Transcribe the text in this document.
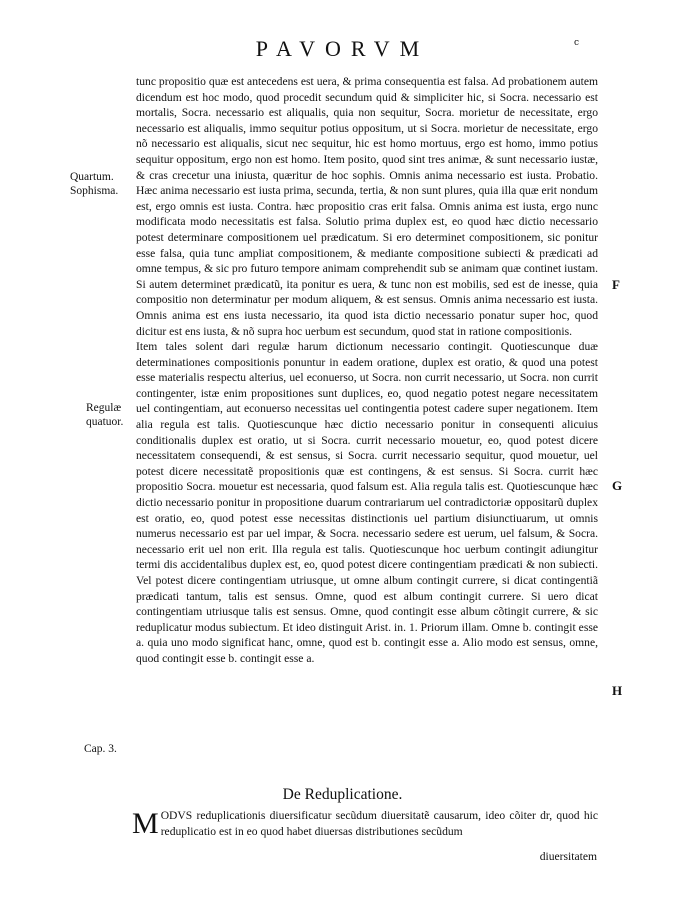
PAVORVM	c
Quartum.
Sophisma.
Regulæ
quatuor.
Cap. 3.
F
G
H

tunc propositio quæ est antecedens est uera, & prima consequentia est falsa. Ad probationem autem dicendum est hoc modo, quod procedit secundum quid & simpliciter hic, si Socra. necessario est mortalis, Socra. necessario est aliqualis, quia non sequitur, Socra. morietur de necessitate, ergo necessario est aliqualis, immo sequitur potius oppositum, ut si Socra. morietur de necessitate, ergo nõ necessario est aliqualis, sicut nec sequitur, hic est homo mortuus, ergo est homo, immo potius sequitur oppositum, ergo non est homo. Item posito, quod sint tres animæ, & sunt necessario iustæ, & cras crecetur una iniusta, quæritur de hoc sophis. Omnis anima necessario est iusta. Probatio. Hæc anima necessario est iusta prima, secunda, tertia, & non sunt plures, quia illa quæ erit nondum est, ergo omnis est iusta. Contra. hæc propositio cras erit falsa. Omnis anima est iusta, ergo nunc modificata modo necessitatis est falsa. Solutio prima duplex est, eo quod hæc dictio necessario potest determinare compositionem uel prædicatum. Si ero determinet compositionem, sic ponitur esse falsa, quia tunc amplіat compositionem, & mediante compositione subiecti & prædicati ad omne tempus, & sic pro futuro tempore animam comprehendit sub se animam quæ continet iustam. Si autem determinet prædicatũ, ita ponitur es uera, & tunc non est mobilis, sed est de inesse, quia compositio non determinatur per modum aliquem, & est sensus. Omnis anima necessario est iusta. Omnis anima est ens iusta necessario, ita quod ista dictio necessario ponatur super hoc, quod dicitur est ens iusta, & nõ supra hoc uerbum est secundum, quod stat in ratione compositionis.

Item tales solent dari regulæ harum dictionum necessario contingit. Quotiescunque duæ determinationes compositionis ponuntur in eadem oratione, duplex est oratio, & quod una potest esse materialis respectu alterius, uel econuerso, ut Socra. non currit necessario, ut Socra. non currit contingenter, istæ enim propositiones sunt duplices, eo, quod negatio potest negare necessitatem uel contingentiam, aut econuerso necessitas uel contingentia potest cadere super negationem. Item alia regula est talis. Quotiescunque hæc dictio necessario ponitur in consequenti alicuius conditionalis duplex est oratio, ut si Socra. currit necessario mouetur, eo, quod potest dicere necessitatem consequendi, & est sensus, si Socra. currit necessario sequitur, quod mouetur, uel potest dicere necessitatẽ propositionis quæ est contingens, & est sensus. Si Socra. currit hæc propositio Socra. mouetur est necessaria, quod falsum est. Alia regula talis est. Quotiescunque hæc dictio necessario ponitur in propositione duarum contrariarum uel contradictoriæ oppositarũ duplex est oratio, eo, quod potest esse necessitas distinctionis uel partium disiunctiuarum, ut omnis numerus necessario est par uel impar, & Socra. necessario sedere est uerum, uel falsum, & Socra. necessario erit uel non erit. Illa regula est talis. Quotiescunque hoc uerbum contingit adiungitur termi dis accidentalibus duplex est, eo, quod potest dicere contingentiam prædicati & non subiecti. Vel potest dicere contingentiam utriusque, ut omne album contingit currere, si dicat contingentiã prædicati tantum, talis est sensus. Omne, quod est album contingit currere. Si uero dicat contingentiam utriusque talis est sensus. Omne, quod contingit esse album cõtingit currere, & sic reduplicatur modus subiectum. Et ideo distinguit Arist. in. 1. Priorum illam. Omne b. contingit esse a. quia uno modo significat hanc, omne, quod est b. contingit esse a. Alio modo est sensus, omne, quod contingit esse b. contingit esse a.

De Reduplicatione.
M ODVS reduplicationis diuersificatur secũdum diuersitatẽ causarum, ideo cõiter dr, quod hic reduplicatio est in eo quod habet diuersas distributiones secũdum
diuersitatem
